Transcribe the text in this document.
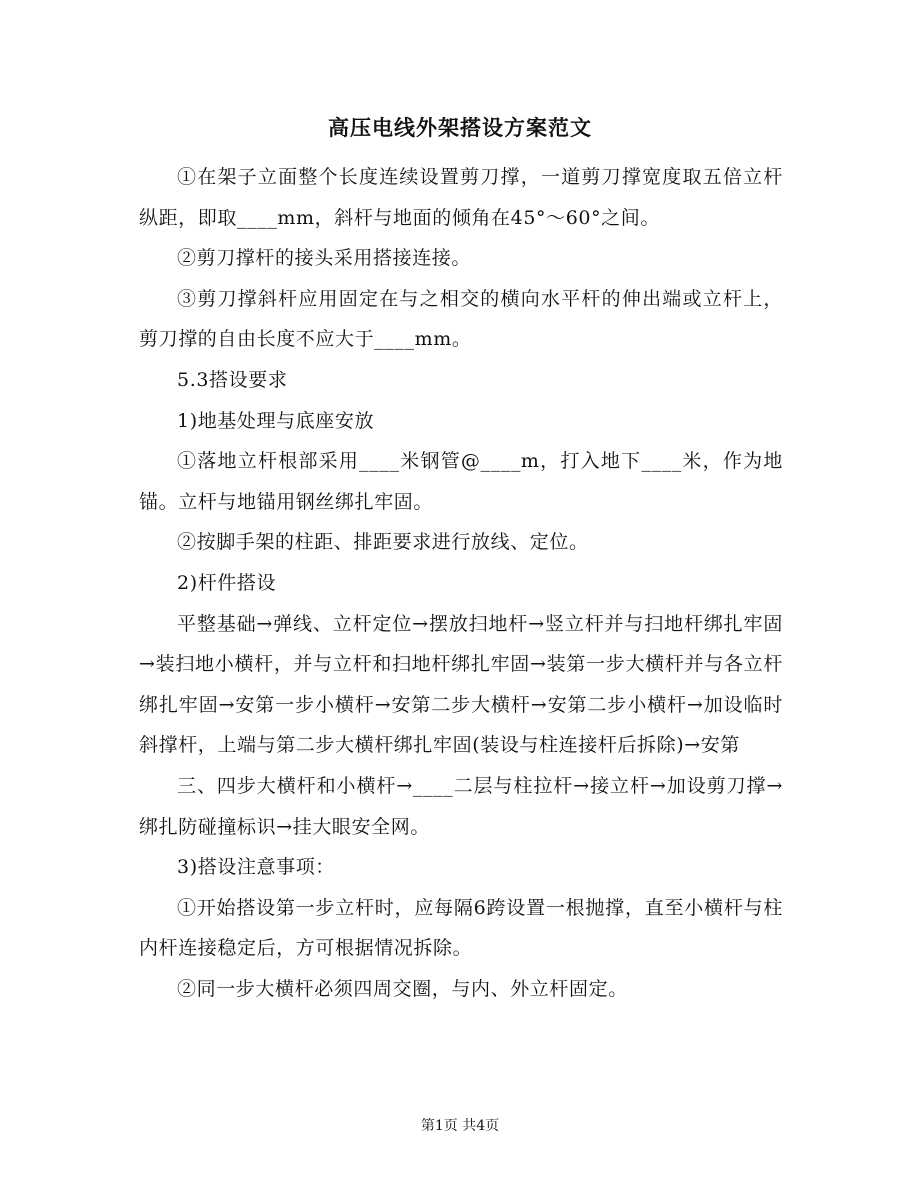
高压电线外架搭设方案范文

①在架子立面整个长度连续设置剪刀撑，一道剪刀撑宽度取五倍立杆纵距，即取____mm，斜杆与地面的倾角在45°～60°之间。

②剪刀撑杆的接头采用搭接连接。

③剪刀撑斜杆应用固定在与之相交的横向水平杆的伸出端或立杆上，剪刀撑的自由长度不应大于____mm。

5.3搭设要求

1)地基处理与底座安放

①落地立杆根部采用____米钢管@____m，打入地下____米，作为地锚。立杆与地锚用钢丝绑扎牢固。

②按脚手架的柱距、排距要求进行放线、定位。

2)杆件搭设

平整基础→弹线、立杆定位→摆放扫地杆→竖立杆并与扫地杆绑扎牢固→装扫地小横杆，并与立杆和扫地杆绑扎牢固→装第一步大横杆并与各立杆绑扎牢固→安第一步小横杆→安第二步大横杆→安第二步小横杆→加设临时斜撑杆，上端与第二步大横杆绑扎牢固(装设与柱连接杆后拆除)→安第

三、四步大横杆和小横杆→____二层与柱拉杆→接立杆→加设剪刀撑→绑扎防碰撞标识→挂大眼安全网。

3)搭设注意事项：

①开始搭设第一步立杆时，应每隔6跨设置一根抛撑，直至小横杆与柱内杆连接稳定后，方可根据情况拆除。

②同一步大横杆必须四周交圈，与内、外立杆固定。

第1页 共4页
